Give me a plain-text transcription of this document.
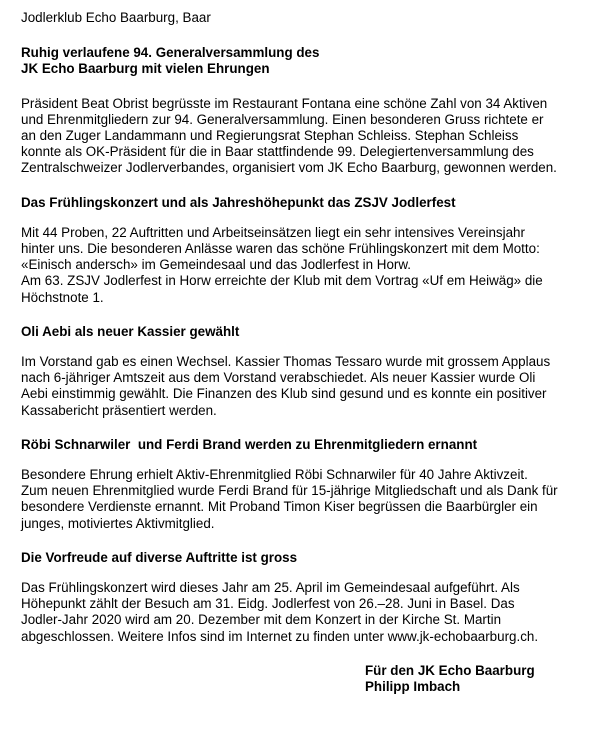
Jodlerklub Echo Baarburg, Baar
Ruhig verlaufene 94. Generalversammlung des
JK Echo Baarburg mit vielen Ehrungen

Präsident Beat Obrist begrüsste im Restaurant Fontana eine schöne Zahl von 34 Aktiven
und Ehrenmitgliedern zur 94. Generalversammlung. Einen besonderen Gruss richtete er
an den Zuger Landammann und Regierungsrat Stephan Schleiss. Stephan Schleiss
konnte als OK-Präsident für die in Baar stattfindende 99. Delegiertenversammlung des
Zentralschweizer Jodlerverbandes, organisiert vom JK Echo Baarburg, gewonnen werden.

Das Frühlingskonzert und als Jahreshöhepunkt das ZSJV Jodlerfest

Mit 44 Proben, 22 Auftritten und Arbeitseinsätzen liegt ein sehr intensives Vereinsjahr
hinter uns. Die besonderen Anlässe waren das schöne Frühlingskonzert mit dem Motto:
«Einisch andersch» im Gemeindesaal und das Jodlerfest in Horw.
Am 63. ZSJV Jodlerfest in Horw erreichte der Klub mit dem Vortrag «Uf em Heiwäg» die
Höchstnote 1.

Oli Aebi als neuer Kassier gewählt

Im Vorstand gab es einen Wechsel. Kassier Thomas Tessaro wurde mit grossem Applaus
nach 6-jähriger Amtszeit aus dem Vorstand verabschiedet. Als neuer Kassier wurde Oli
Aebi einstimmig gewählt. Die Finanzen des Klub sind gesund und es konnte ein positiver
Kassabericht präsentiert werden.

Röbi Schnarwiler  und Ferdi Brand werden zu Ehrenmitgliedern ernannt

Besondere Ehrung erhielt Aktiv-Ehrenmitglied Röbi Schnarwiler für 40 Jahre Aktivzeit.
Zum neuen Ehrenmitglied wurde Ferdi Brand für 15-jährige Mitgliedschaft und als Dank für
besondere Verdienste ernannt. Mit Proband Timon Kiser begrüssen die Baarbürgler ein
junges, motiviertes Aktivmitglied.

Die Vorfreude auf diverse Auftritte ist gross

Das Frühlingskonzert wird dieses Jahr am 25. April im Gemeindesaal aufgeführt. Als
Höhepunkt zählt der Besuch am 31. Eidg. Jodlerfest von 26.–28. Juni in Basel. Das
Jodler-Jahr 2020 wird am 20. Dezember mit dem Konzert in der Kirche St. Martin
abgeschlossen. Weitere Infos sind im Internet zu finden unter www.jk-echobaarburg.ch.

Für den JK Echo Baarburg
Philipp Imbach
